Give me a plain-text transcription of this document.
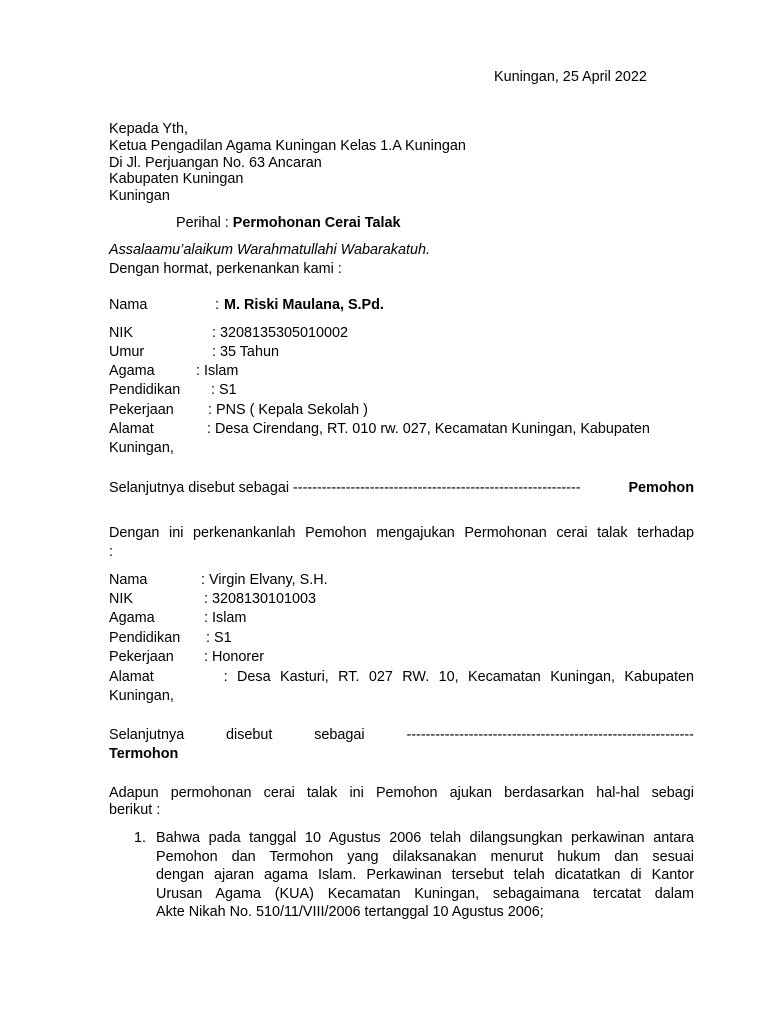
Kuningan, 25 April 2022
Kepada Yth,
Ketua Pengadilan Agama Kuningan Kelas 1.A Kuningan
Di Jl. Perjuangan No. 63 Ancaran
Kabupaten Kuningan
Kuningan
Perihal : Permohonan Cerai Talak
Assalaamu’alaikum Warahmatullahi Wabarakatuh.
Dengan hormat, perkenankan kami :
Nama	: M. Riski Maulana, S.Pd.
NIK	: 3208135305010002
Umur	: 35 Tahun
Agama	: Islam
Pendidikan : S1
Pekerjaan : PNS ( Kepala Sekolah )
Alamat	: Desa Cirendang, RT. 010 rw. 027, Kecamatan Kuningan, Kabupaten
Kuningan,
Selanjutnya disebut sebagai ------------------------------------------------------------	Pemohon
Dengan ini perkenankanlah Pemohon mengajukan Permohonan cerai talak terhadap
:
Nama	: Virgin Elvany, S.H.
NIK	: 3208130101003
Agama	: Islam
Pendidikan : S1
Pekerjaan : Honorer
Alamat	: Desa Kasturi, RT. 027 RW. 10, Kecamatan Kuningan, Kabupaten
Kuningan,
Selanjutnya	disebut	sebagai	------------------------------------------------------------
Termohon
Adapun permohonan cerai talak ini Pemohon ajukan berdasarkan hal-hal sebagi
berikut :
1. Bahwa pada tanggal 10 Agustus 2006 telah dilangsungkan perkawinan antara
Pemohon dan Termohon yang dilaksanakan menurut hukum dan sesuai
dengan ajaran agama Islam. Perkawinan tersebut telah dicatatkan di Kantor
Urusan Agama (KUA) Kecamatan Kuningan, sebagaimana tercatat dalam
Akte Nikah No. 510/11/VIII/2006 tertanggal 10 Agustus 2006;
